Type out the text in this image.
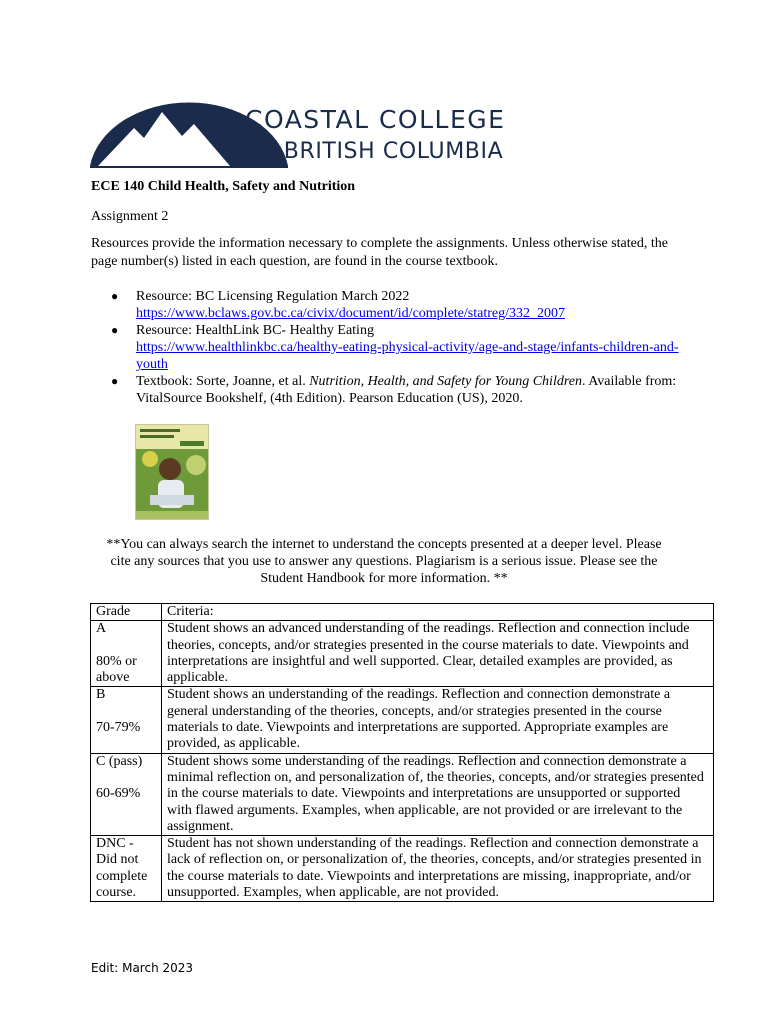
COASTAL COLLEGE
OF BRITISH COLUMBIA
ECE 140 Child Health, Safety and Nutrition
Assignment 2
Resources provide the information necessary to complete the assignments. Unless otherwise stated, the page number(s) listed in each question, are found in the course textbook.
● Resource: BC Licensing Regulation March 2022
https://www.bclaws.gov.bc.ca/civix/document/id/complete/statreg/332_2007
● Resource: HealthLink BC- Healthy Eating
https://www.healthlinkbc.ca/healthy-eating-physical-activity/age-and-stage/infants-children-and-youth
● Textbook: Sorte, Joanne, et al. Nutrition, Health, and Safety for Young Children. Available from: VitalSource Bookshelf, (4th Edition). Pearson Education (US), 2020.
**You can always search the internet to understand the concepts presented at a deeper level. Please cite any sources that you use to answer any questions. Plagiarism is a serious issue. Please see the Student Handbook for more information. **
Grade	Criteria:

A
80% or above	Student shows an advanced understanding of the readings. Reflection and connection include theories, concepts, and/or strategies presented in the course materials to date. Viewpoints and interpretations are insightful and well supported. Clear, detailed examples are provided, as applicable.

B
70-79%	Student shows an understanding of the readings. Reflection and connection demonstrate a general understanding of the theories, concepts, and/or strategies presented in the course materials to date. Viewpoints and interpretations are supported. Appropriate examples are provided, as applicable.

C (pass)
60-69%	Student shows some understanding of the readings. Reflection and connection demonstrate a minimal reflection on, and personalization of, the theories, concepts, and/or strategies presented in the course materials to date. Viewpoints and interpretations are unsupported or supported with flawed arguments. Examples, when applicable, are not provided or are irrelevant to the assignment.

DNC - Did not complete course.	Student has not shown understanding of the readings. Reflection and connection demonstrate a lack of reflection on, or personalization of, the theories, concepts, and/or strategies presented in the course materials to date. Viewpoints and interpretations are missing, inappropriate, and/or unsupported. Examples, when applicable, are not provided.
Edit: March 2023
